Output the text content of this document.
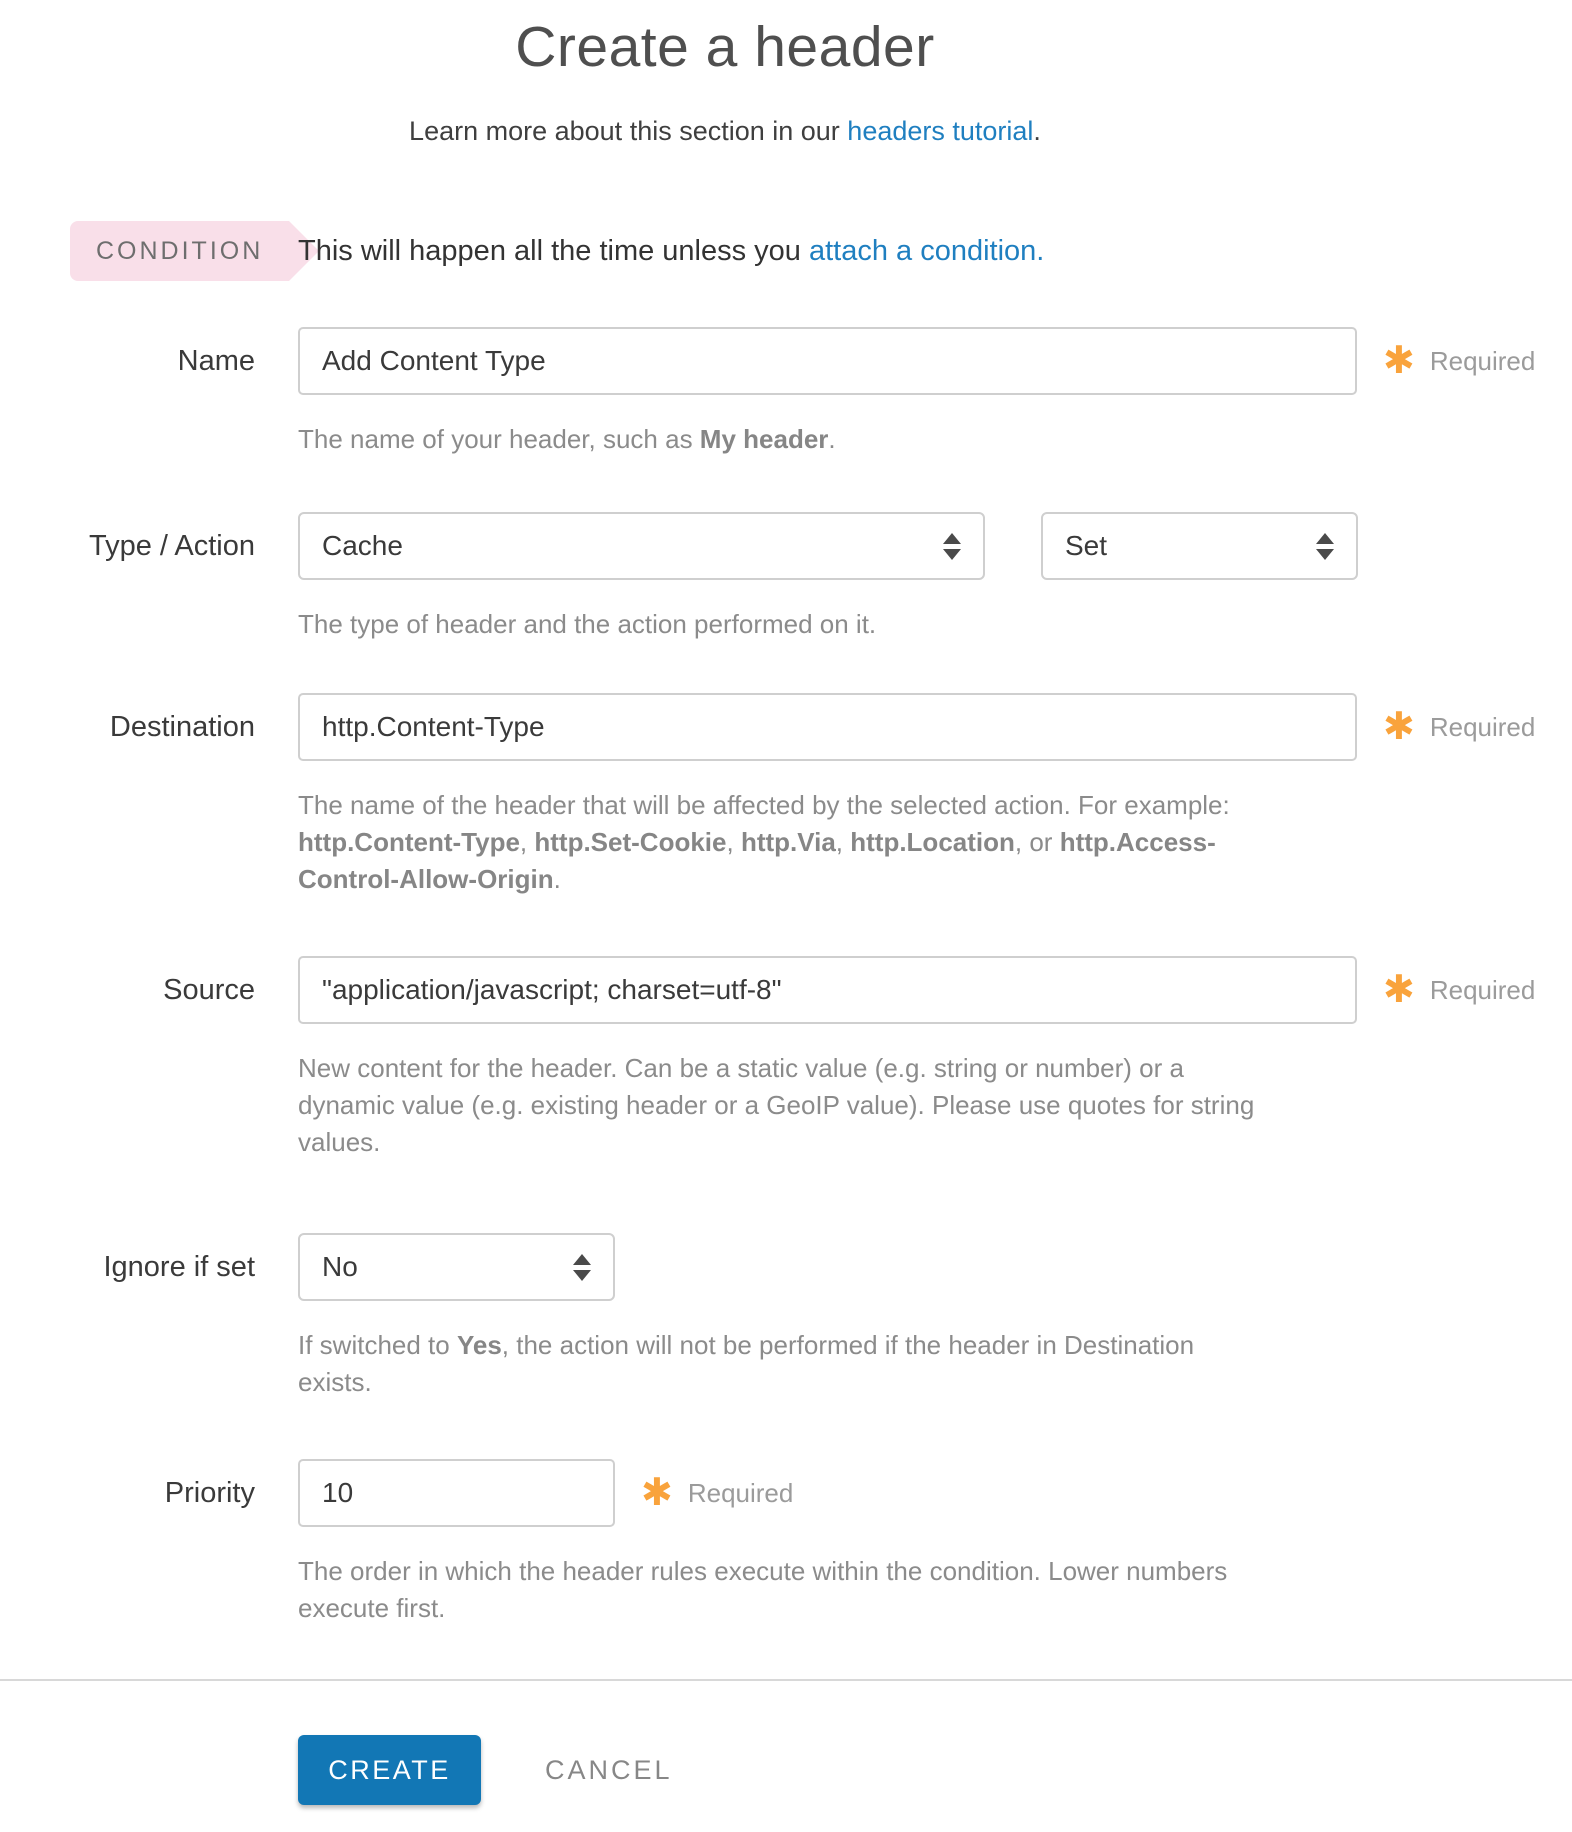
Create a header
Learn more about this section in our headers tutorial.
CONDITION	This will happen all the time unless you attach a condition.
Name
Add Content Type	✱ Required
The name of your header, such as My header.
Type / Action Cache	Set
The type of header and the action performed on it.
Destination
http.Content-Type	✱ Required
The name of the header that will be affected by the selected action. For example: http.Content-Type, http.Set-Cookie, http.Via, http.Location, or http.Access-Control-Allow-Origin.
Source
"application/javascript; charset=utf-8"	✱ Required
New content for the header. Can be a static value (e.g. string or number) or a dynamic value (e.g. existing header or a GeoIP value). Please use quotes for string values.
Ignore if set No
If switched to Yes, the action will not be performed if the header in Destination exists.
Priority
10	✱ Required
The order in which the header rules execute within the condition. Lower numbers execute first.
CREATE	CANCEL
